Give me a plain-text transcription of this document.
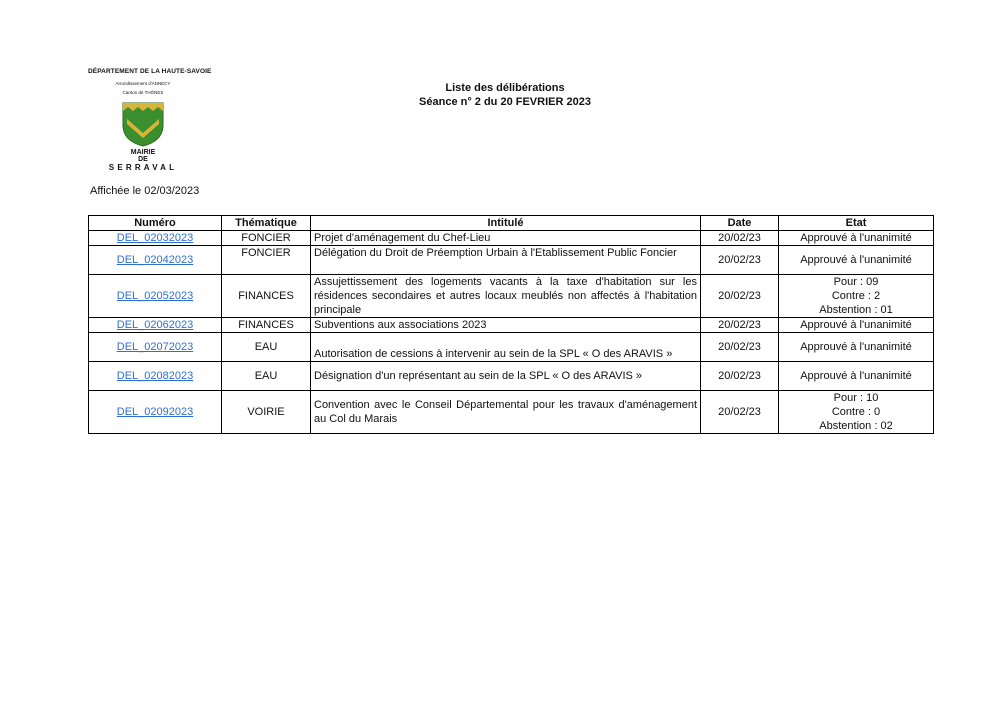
DÉPARTEMENT DE LA HAUTE-SAVOIE
Arrondissement d'ANNECY
Canton de THÔNES
MAIRIE
DE
SERRAVAL
Liste des délibérations
Séance n° 2 du 20 FEVRIER 2023
Affichée le 02/03/2023
Numéro	Thématique	Intitulé	Date	Etat
DEL_02032023	FONCIER	Projet d'aménagement du Chef-Lieu	20/02/23	Approuvé à l'unanimité

DEL_02042023	FONCIER	Délégation du Droit de Préemption Urbain à l'Etablissement Public Foncier	20/02/23	Approuvé à l'unanimité

DEL_02052023	FINANCES	Assujettissement des logements vacants à la taxe d'habitation sur les résidences secondaires et autres locaux meublés non affectés à l'habitation principale	20/02/23	Pour : 09
Contre : 2
Abstention : 01

DEL_02062023	FINANCES	Subventions aux associations 2023	20/02/23	Approuvé à l'unanimité

DEL_02072023	EAU	Autorisation de cessions à intervenir au sein de la SPL « O des ARAVIS »	20/02/23	Approuvé à l'unanimité

DEL_02082023	EAU	Désignation d'un représentant au sein de la SPL « O des ARAVIS »	20/02/23	Approuvé à l'unanimité

DEL_02092023	VOIRIE	Convention avec le Conseil Départemental pour les travaux d'aménagement au Col du Marais	20/02/23	Pour : 10
Contre : 0
Abstention : 02
